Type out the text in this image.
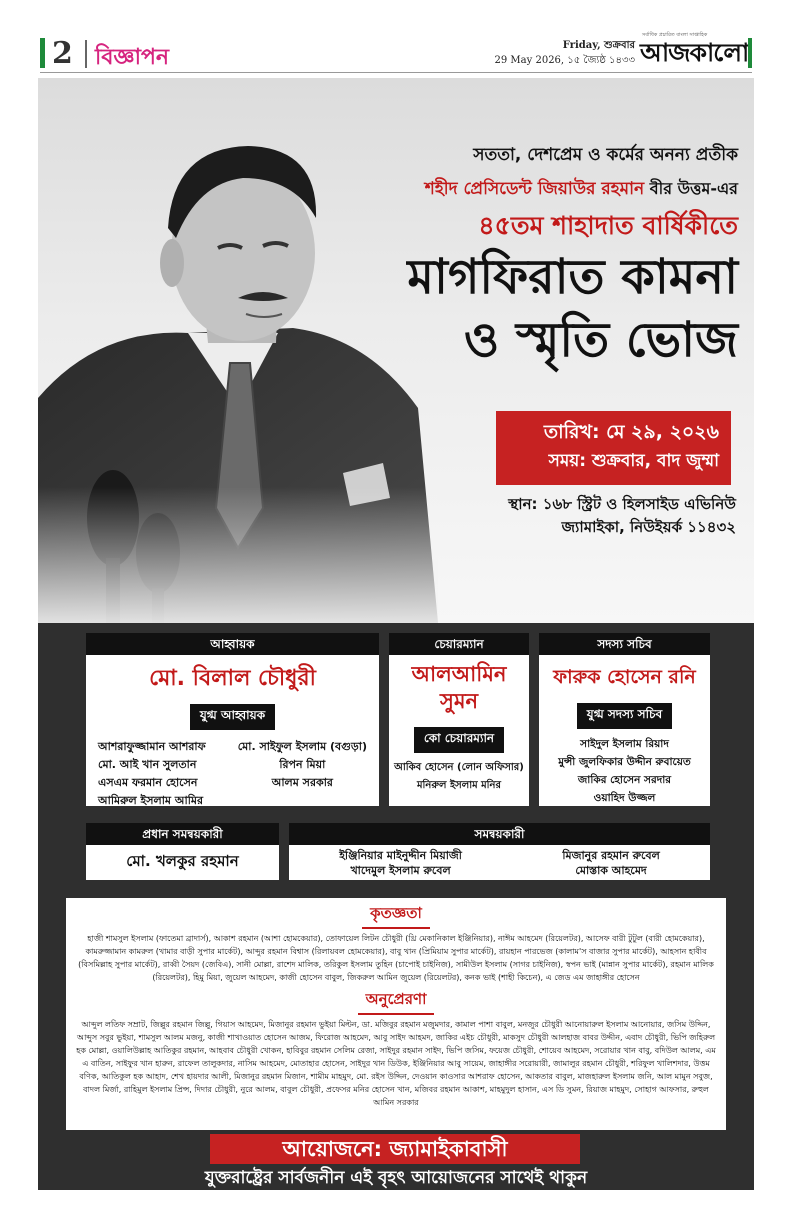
2 বিজ্ঞাপন	Friday, শুক্রবার
29 May 2026, ১৫ জ্যৈষ্ঠ ১৪৩৩
সর্বাধিক প্রচারিত বাংলা সাপ্তাহিক
আজকালো
সততা, দেশপ্রেম ও কর্মের অনন্য প্রতীক
শহীদ প্রেসিডেন্ট জিয়াউর রহমান বীর উত্তম-এর
৪৫তম শাহাদাত বার্ষিকীতে
মাগফিরাত কামনা
ও স্মৃতি ভোজ
তারিখ: মে ২৯, ২০২৬
সময়: শুক্রবার, বাদ জুম্মা
স্থান: ১৬৮ স্ট্রিট ও হিলসাইড এভিনিউ
জ্যামাইকা, নিউইয়র্ক ১১৪৩২
আহ্বায়ক
মো. বিলাল চৌধুরী
যুগ্ম আহ্বায়ক
আশরাফুজ্জামান আশরাফ
মো. আই খান সুলতান
এসএম ফরমান হোসেন
আমিরুল ইসলাম আমির
মো. সাইফুল ইসলাম (বগুড়া)
রিপন মিয়া
আলম সরকার
চেয়ারম্যান
আলআমিন
সুমন
কো চেয়ারম্যান
আকিব হোসেন (লোন অফিসার)
মনিরুল ইসলাম মনির
সদস্য সচিব
ফারুক হোসেন রনি
যুগ্ম সদস্য সচিব
সাইদুল ইসলাম রিয়াদ
মুন্সী জুলফিকার উদ্দীন রুবায়েত
জাকির হোসেন সরদার
ওয়াহিদ উজ্জল
প্রধান সমন্বয়কারী
মো. খলকুর রহমান
সমন্বয়কারী
ইঞ্জিনিয়ার মাইনুদ্দীন মিয়াজী
খাদেমুল ইসলাম রুবেল
মিজানুর রহমান রুবেল
মোস্তাক আহমেদ
কৃতজ্ঞতা
হাজী শামসুল ইসলাম (ফাতেমা ব্রাদার্স), আকাশ রহমান (আশা হোমকেয়ার), তোফায়েল লিটন চৌধুরী (থ্রি মেকানিকাল ইঞ্জিনিয়ার), নাঈম আহমেদ (রিয়েলটর), আসেফ বারী টুটুল (বারী হোমকেয়ার), কামরুজ্জামান কামরুল (খামার বাড়ী সুপার মার্কেট), আব্দুর রহমান বিশ্বাস (রিলায়বল হোমকেয়ার), বাবু খান (প্রিমিয়াম সুপার মার্কেট), রায়হান পারভেজ (কালাম'স বাজার সুপার মার্কেট), আহসান হাবীব (বিসমিল্লাহ সুপার মার্কেট), রাব্বী সৈয়দ (জেবিএ), সানী মোল্লা, রাশেদ মালিক, তরিকুল ইসলাম তুহিন (চাপোই চাইনিজ), সামীউল ইসলাম (সাগর চাইনিজ), স্বপন ভাই (মান্নান সুপার মার্কেট), রহমান মালিক (রিয়েলটর), হিমু মিয়া, জুয়েল আহমেদ, কাজী হোসেন বাবুল, জিকরুল আমিন জুয়েল (রিয়েলটর), কনক ভাই (শাহী কিচেন), এ জেড এম জাহাঙ্গীর হোসেন
অনুপ্রেরণা
আব্দুল লতিফ সম্রাট, জিল্লুর রহমান জিল্লু, গিয়াস আহমেদ, মিজানুর রহমান ভুইয়া মিল্টন, ডা. মজিবুর রহমান মজুমদার, কামাল পাশা বাবুল, মনজুর চৌধুরী আনোয়ারুল ইসলাম আনোয়ার, জসিম উদ্দিন, আব্দুস সবুর ভুইয়া, শামসুল আলম মজনু, কাজী শাখাওয়াত হোসেন আজম, ফিরোজ আহমেদ, আবু সাইদ আহমদ, জাকির এইচ চৌধুরী, মাকসুদ চৌধুরী আলহাজ বাবর উদ্দীন, এবাদ চৌধুরী, ভিপি জহিরুল হক মোল্লা, ওয়ালিউল্লাহ আতিকুর রহমান, আহবাব চৌধুরী খোকন, হাবিবুর রহমান সেলিম রেজা, সাইদুর রহমান সাইদ, ভিপি জসিম, ফয়েজ চৌধুরী, শোয়েব আহমেদ, সরোয়ার খান বাবু, বদিউল আলম, এম এ বাতিন, সাইফুর খান হারুন, রাফেল তালুকদার, নাসিম আহমেদ, মোতাহার হোসেন, সাইদুর খান ডিউক, ইঞ্জিনিয়ার আবু সায়েম, জাহাঙ্গীর সরোয়ারী, জামালুর রহমান চৌধুরী, শরিফুল খালিশদার, উত্তম বণিক, আতিকুল হক আহাদ, শেখ হায়দার আলী, মিজানুর রহমান মিজান, শামীম মাহমুদ, মো. রইস উদ্দিন, দেওয়ান কাওসার আশরাফ হোসেন, আকতার বাবুল, মাজহারুল ইসলাম জনি, আল মামুন সবুজ, বাদল মির্জা, রাহিমুল ইসলাম প্রিন্স, দিদার চৌধুরী, নুরে আলম, বাবুল চৌধুরী, প্রফেসর মনির হোসেন খান, মজিবর রহমান আকাশ, মাহমুদুল হাসান, এস ডি সুমন, রিয়াজ মাহমুদ, সোহাগ আফসার, রুহুল আমিন সরকার
আয়োজনে: জ্যামাইকাবাসী
যুক্তরাষ্ট্রের সার্বজনীন এই বৃহৎ আয়োজনের সাথেই থাকুন
